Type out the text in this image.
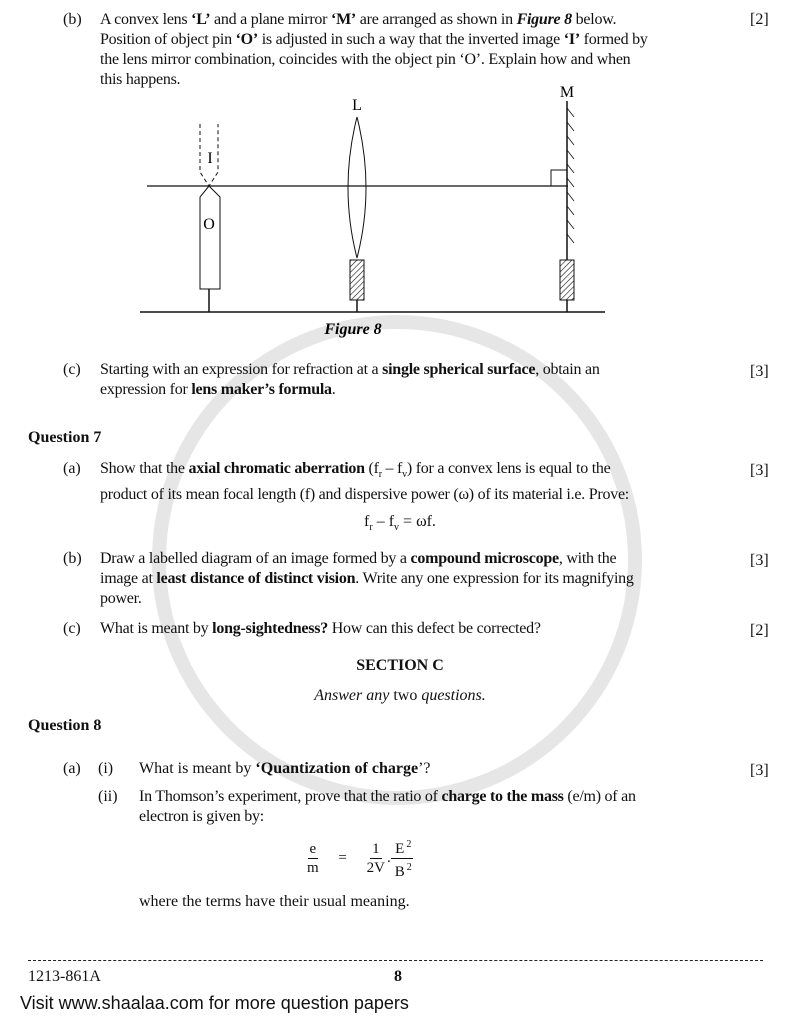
(b)	[2]
A convex lens ‘L’ and a plane mirror ‘M’ are arranged as shown in Figure 8 below.
Position of object pin ‘O’ is adjusted in such a way that the inverted image ‘I’ formed by
the lens mirror combination, coincides with the object pin ‘O’. Explain how and when
this happens.
I
O
L
M
Figure 8
(c)	[3]
Starting with an expression for refraction at a single spherical surface, obtain an
expression for lens maker’s formula.
Question 7
(a)	[3]
Show that the axial chromatic aberration $(f_r - f_v)$ for a convex lens is equal to the
product of its mean focal length (f) and dispersive power (ω) of its material i.e. Prove:
$f_r - f_v = \omega f$.
(b)	[3]
Draw a labelled diagram of an image formed by a compound microscope, with the
image at least distance of distinct vision. Write any one expression for its magnifying
power.
(c)	[2]
What is meant by long-sightedness? How can this defect be corrected?
SECTION C
Answer any two questions.
Question 8
(a) (i)	[3]
What is meant by ‘Quantization of charge’?
(ii) In Thomson’s experiment, prove that the ratio of charge to the mass (e/m) of an
electron is given by:
$\frac{e}{m} = \frac{1}{2V}$ . $\frac{E ^2}{B ^2}$
where the terms have their usual meaning.
8
1213-861A
Visit www.shaalaa.com for more question papers
